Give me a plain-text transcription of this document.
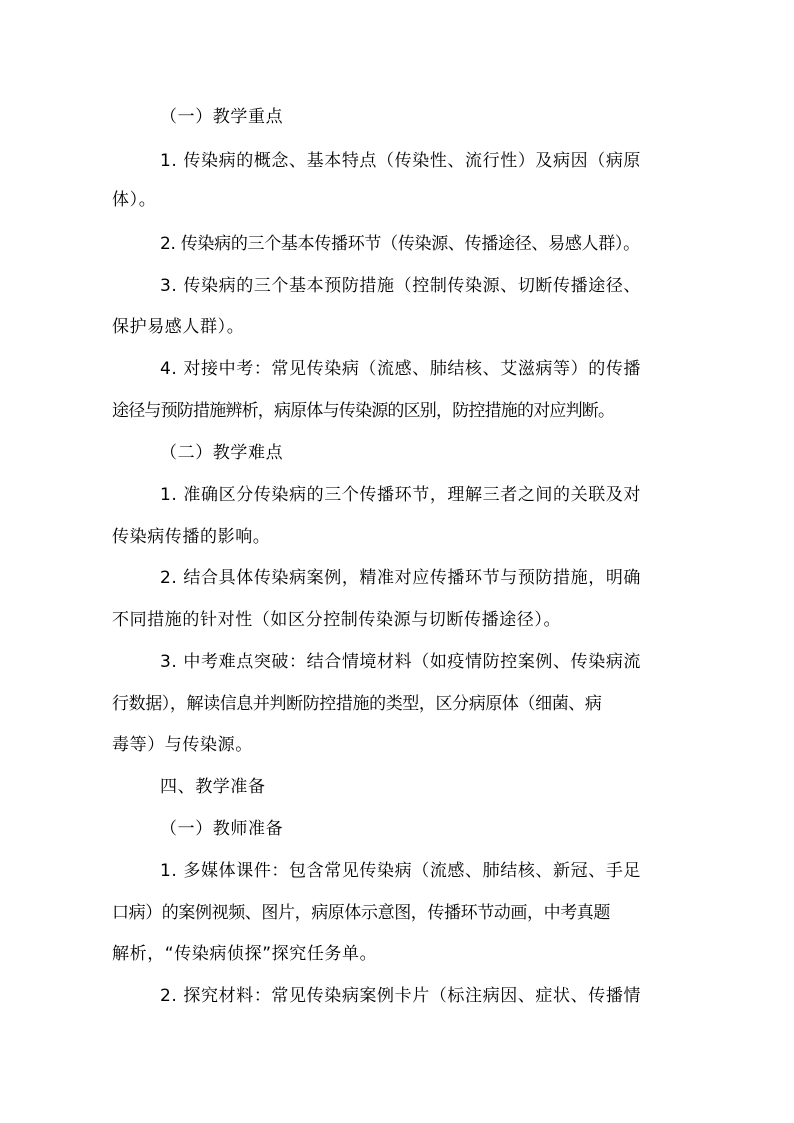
（一）教学重点
1. 传染病的概念、基本特点（传染性、流行性）及病因（病原
体）。
2. 传染病的三个基本传播环节（传染源、传播途径、易感人群）。
3. 传染病的三个基本预防措施（控制传染源、切断传播途径、
保护易感人群）。
4. 对接中考：常见传染病（流感、肺结核、艾滋病等）的传播
途径与预防措施辨析，病原体与传染源的区别，防控措施的对应判断。
（二）教学难点
1. 准确区分传染病的三个传播环节，理解三者之间的关联及对
传染病传播的影响。
2. 结合具体传染病案例，精准对应传播环节与预防措施，明确
不同措施的针对性（如区分控制传染源与切断传播途径）。
3. 中考难点突破：结合情境材料（如疫情防控案例、传染病流
行数据），解读信息并判断防控措施的类型，区分病原体（细菌、病
毒等）与传染源。
四、教学准备
（一）教师准备
1. 多媒体课件：包含常见传染病（流感、肺结核、新冠、手足
口病）的案例视频、图片，病原体示意图，传播环节动画，中考真题
解析，“传染病侦探”探究任务单。
2. 探究材料：常见传染病案例卡片（标注病因、症状、传播情
